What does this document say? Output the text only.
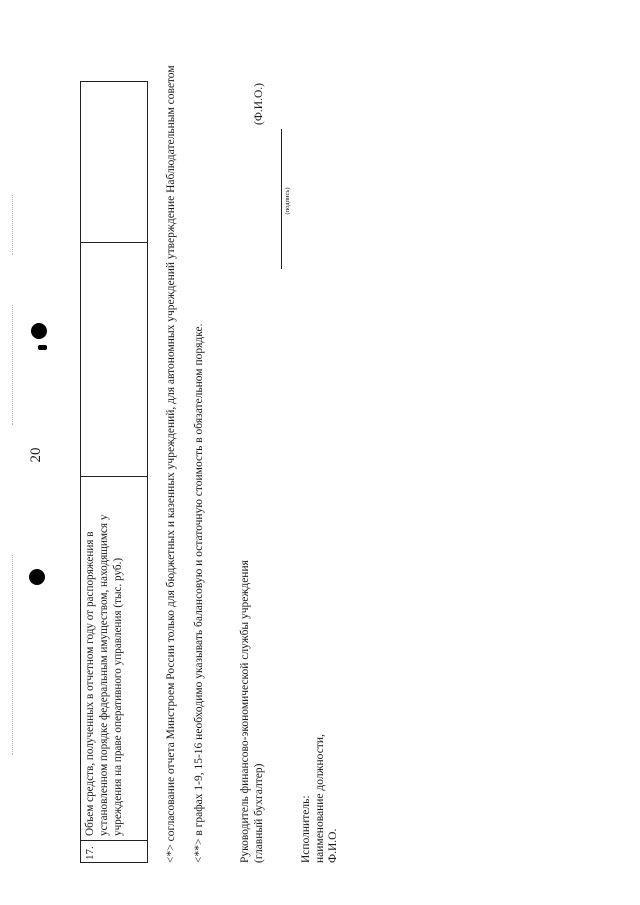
20
17.
Объем средств, полученных в отчетном году от распоряжения в установленном порядке федеральным имуществом, находящимся у учреждения на праве оперативного управления (тыс. руб.)	<*> согласование отчета Минстроем России только для бюджетных и казенных учреждений, для автономных учреждений утверждение Наблюдательным советом <**> в графах 1-9, 15-16 необходимо указывать балансовую и остаточную стоимость в обязательном порядке.	Руководитель финансово-экономической службы учреждения (главный бухгалтер)
(Ф.И.О.)
(подпись)
Исполнитель: наименование должности, Ф.И.О.
